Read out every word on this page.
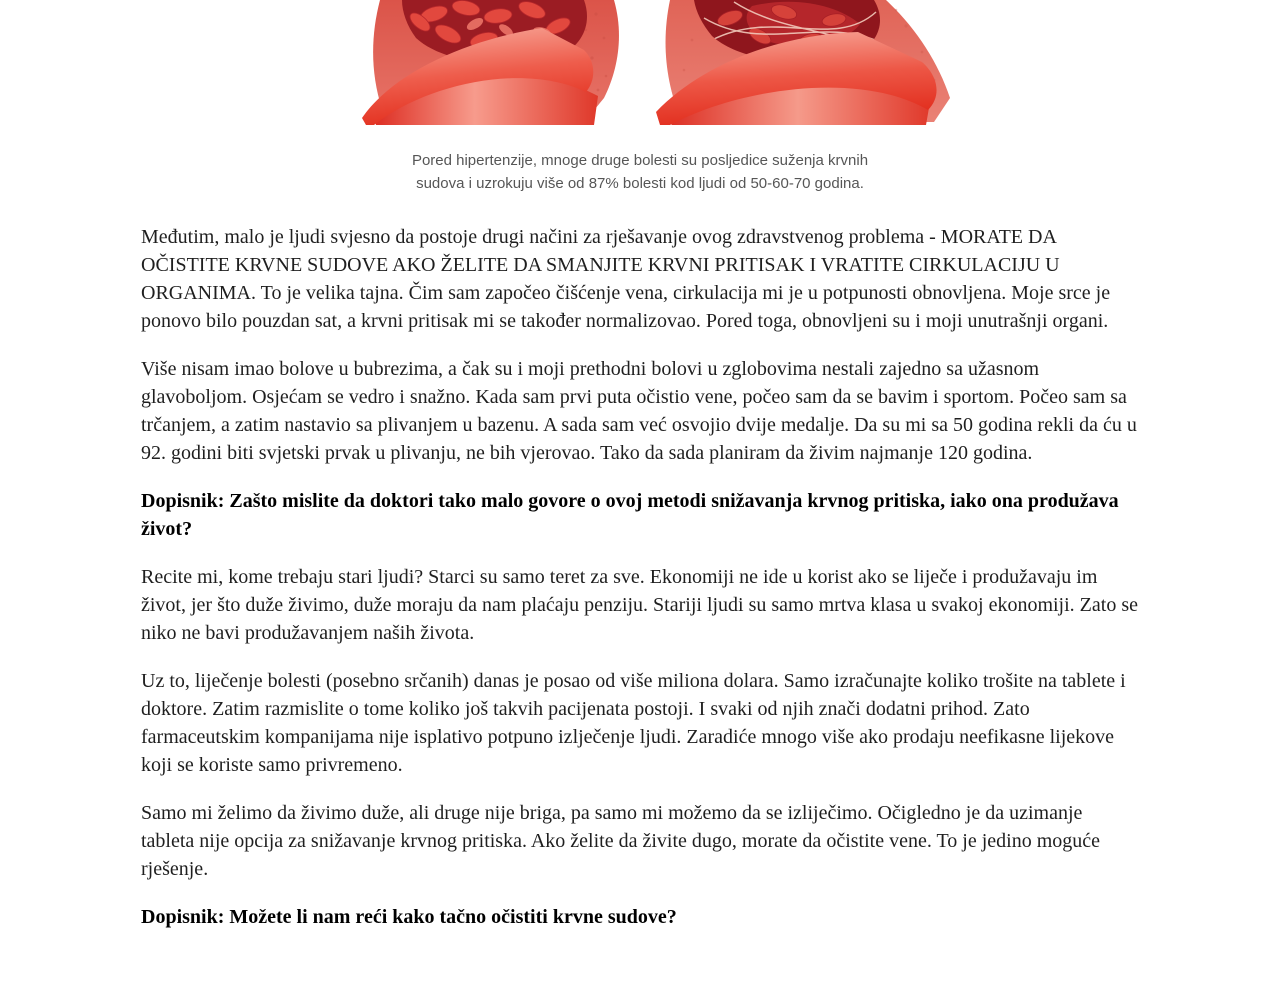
Pored hipertenzije, mnoge druge bolesti su posljedice suženja krvnih
sudova i uzrokuju više od 87% bolesti kod ljudi od 50-60-70 godina.

Međutim, malo je ljudi svjesno da postoje drugi načini za rješavanje ovog zdravstvenog problema - MORATE DA OČISTITE KRVNE SUDOVE AKO ŽELITE DA SMANJITE KRVNI PRITISAK I VRATITE CIRKULACIJU U ORGANIMA. To je velika tajna. Čim sam započeo čišćenje vena, cirkulacija mi je u potpunosti obnovljena. Moje srce je ponovo bilo pouzdan sat, a krvni pritisak mi se također normalizovao. Pored toga, obnovljeni su i moji unutrašnji organi.

Više nisam imao bolove u bubrezima, a čak su i moji prethodni bolovi u zglobovima nestali zajedno sa užasnom glavoboljom. Osjećam se vedro i snažno. Kada sam prvi puta očistio vene, počeo sam da se bavim i sportom. Počeo sam sa trčanjem, a zatim nastavio sa plivanjem u bazenu. A sada sam već osvojio dvije medalje. Da su mi sa 50 godina rekli da ću u 92. godini biti svjetski prvak u plivanju, ne bih vjerovao. Tako da sada planiram da živim najmanje 120 godina.

Dopisnik: Zašto mislite da doktori tako malo govore o ovoj metodi snižavanja krvnog pritiska, iako ona produžava život?

Recite mi, kome trebaju stari ljudi? Starci su samo teret za sve. Ekonomiji ne ide u korist ako se liječe i produžavaju im život, jer što duže živimo, duže moraju da nam plaćaju penziju. Stariji ljudi su samo mrtva klasa u svakoj ekonomiji. Zato se niko ne bavi produžavanjem naših života.

Uz to, liječenje bolesti (posebno srčanih) danas je posao od više miliona dolara. Samo izračunajte koliko trošite na tablete i doktore. Zatim razmislite o tome koliko još takvih pacijenata postoji. I svaki od njih znači dodatni prihod. Zato farmaceutskim kompanijama nije isplativo potpuno izlječenje ljudi. Zaradiće mnogo više ako prodaju neefikasne lijekove koji se koriste samo privremeno.

Samo mi želimo da živimo duže, ali druge nije briga, pa samo mi možemo da se izliječimo. Očigledno je da uzimanje tableta nije opcija za snižavanje krvnog pritiska. Ako želite da živite dugo, morate da očistite vene. To je jedino moguće rješenje.

Dopisnik: Možete li nam reći kako tačno očistiti krvne sudove?
